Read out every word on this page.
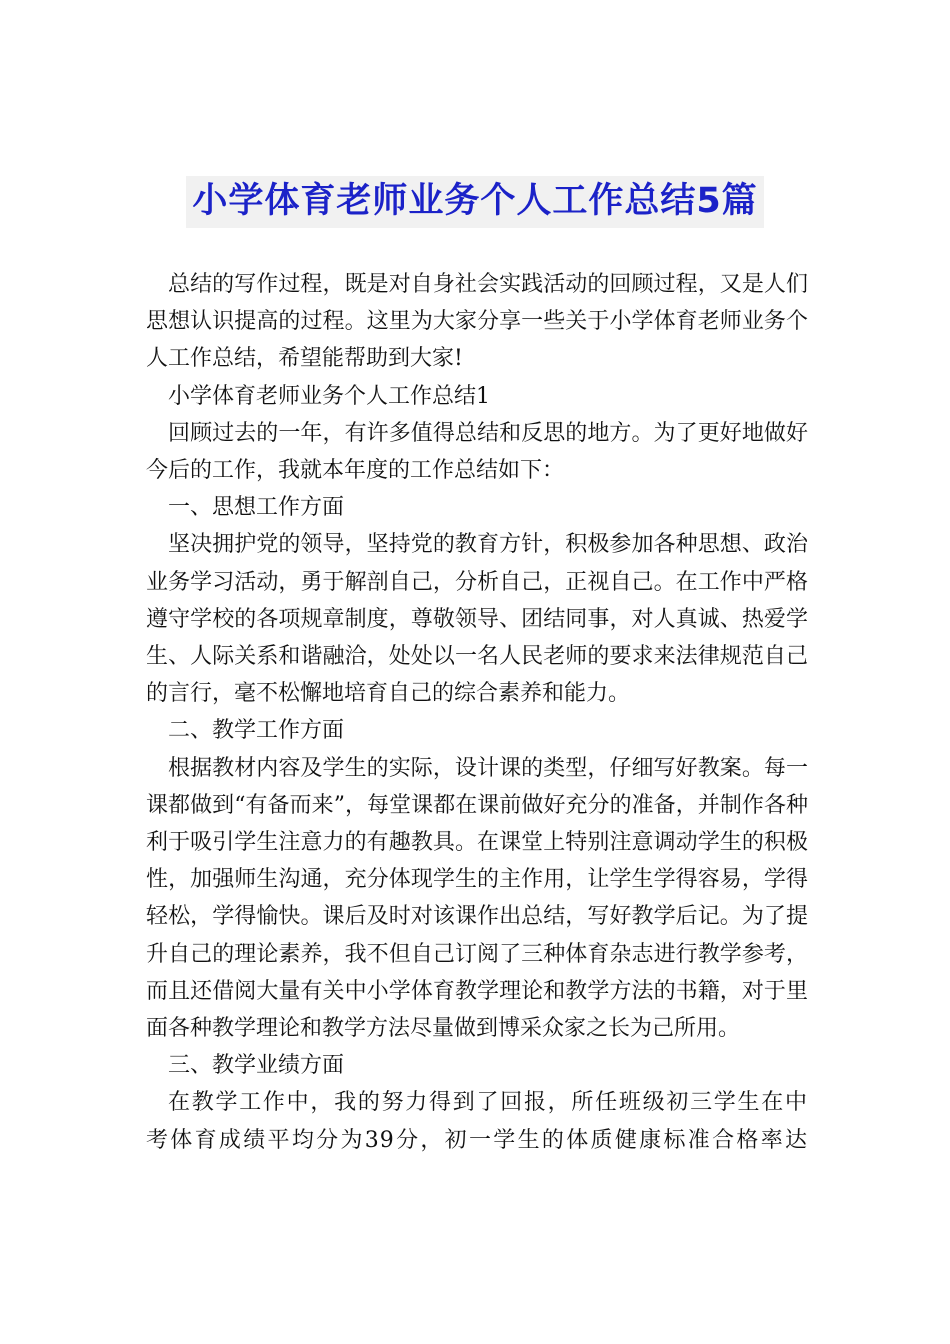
小学体育老师业务个人工作总结5篇

总结的写作过程，既是对自身社会实践活动的回顾过程，又是人们思想认识提高的过程。这里为大家分享一些关于小学体育老师业务个人工作总结，希望能帮助到大家!

小学体育老师业务个人工作总结1

回顾过去的一年，有许多值得总结和反思的地方。为了更好地做好今后的工作，我就本年度的工作总结如下：

一、思想工作方面

坚决拥护党的领导，坚持党的教育方针，积极参加各种思想、政治业务学习活动，勇于解剖自己，分析自己，正视自己。在工作中严格遵守学校的各项规章制度，尊敬领导、团结同事，对人真诚、热爱学生、人际关系和谐融洽，处处以一名人民老师的要求来法律规范自己的言行，毫不松懈地培育自己的综合素养和能力。

二、教学工作方面

根据教材内容及学生的实际，设计课的类型，仔细写好教案。每一课都做到“有备而来”，每堂课都在课前做好充分的准备，并制作各种利于吸引学生注意力的有趣教具。在课堂上特别注意调动学生的积极性，加强师生沟通，充分体现学生的主作用，让学生学得容易，学得轻松，学得愉快。课后及时对该课作出总结，写好教学后记。为了提升自己的理论素养，我不但自己订阅了三种体育杂志进行教学参考，而且还借阅大量有关中小学体育教学理论和教学方法的书籍，对于里面各种教学理论和教学方法尽量做到博采众家之长为己所用。

三、教学业绩方面

在教学工作中，我的努力得到了回报，所任班级初三学生在中考体育成绩平均分为39分，初一学生的体质健康标准合格率达
